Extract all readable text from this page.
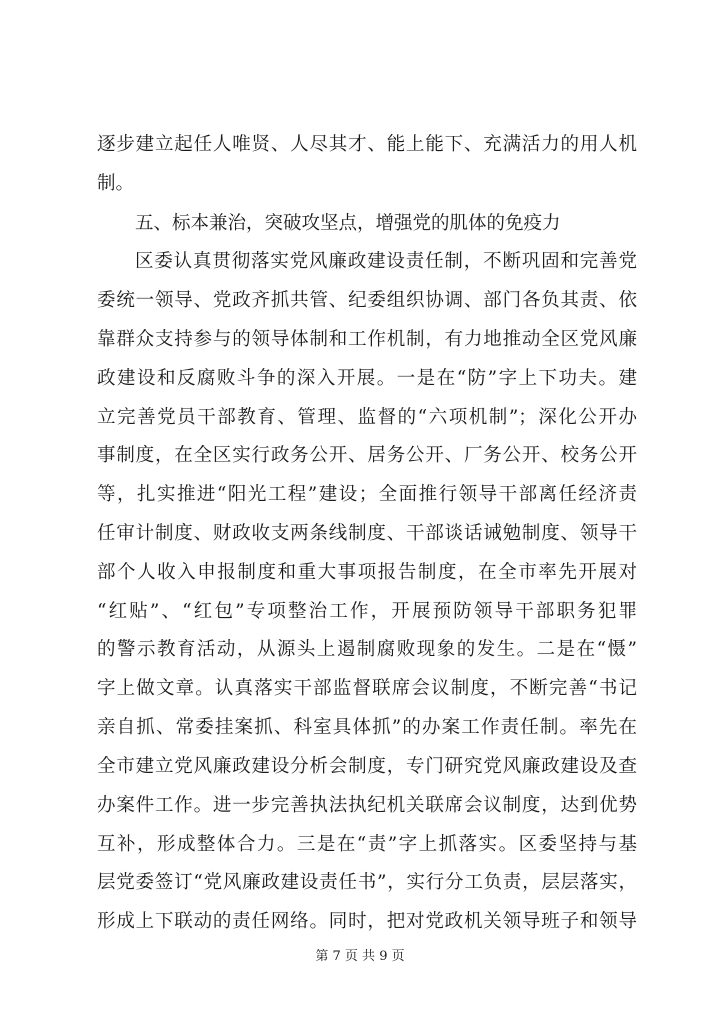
逐步建立起任人唯贤、人尽其才、能上能下、充满活力的用人机
制。
五、标本兼治，突破攻坚点，增强党的肌体的免疫力
区委认真贯彻落实党风廉政建设责任制，不断巩固和完善党
委统一领导、党政齐抓共管、纪委组织协调、部门各负其责、依
靠群众支持参与的领导体制和工作机制，有力地推动全区党风廉
政建设和反腐败斗争的深入开展。一是在“防”字上下功夫。建
立完善党员干部教育、管理、监督的“六项机制”；深化公开办
事制度，在全区实行政务公开、居务公开、厂务公开、校务公开
等，扎实推进“阳光工程”建设；全面推行领导干部离任经济责
任审计制度、财政收支两条线制度、干部谈话诫勉制度、领导干
部个人收入申报制度和重大事项报告制度，在全市率先开展对
“红贴”、“红包”专项整治工作，开展预防领导干部职务犯罪
的警示教育活动，从源头上遏制腐败现象的发生。二是在“慑”
字上做文章。认真落实干部监督联席会议制度，不断完善“书记
亲自抓、常委挂案抓、科室具体抓”的办案工作责任制。率先在
全市建立党风廉政建设分析会制度，专门研究党风廉政建设及查
办案件工作。进一步完善执法执纪机关联席会议制度，达到优势
互补，形成整体合力。三是在“责”字上抓落实。区委坚持与基
层党委签订“党风廉政建设责任书”，实行分工负责，层层落实，
形成上下联动的责任网络。同时，把对党政机关领导班子和领导
第 7 页 共 9 页
